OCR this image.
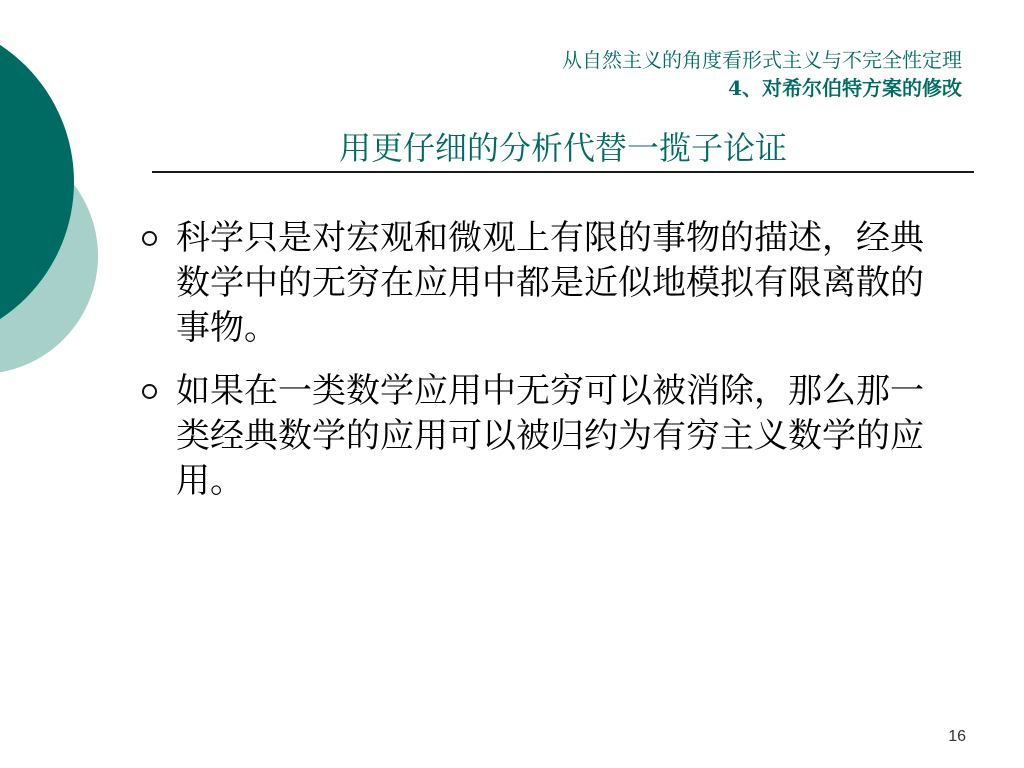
从自然主义的角度看形式主义与不完全性定理
4、对希尔伯特方案的修改
用更仔细的分析代替一揽子论证
科学只是对宏观和微观上有限的事物的描述，经典数学中的无穷在应用中都是近似地模拟有限离散的事物。
如果在一类数学应用中无穷可以被消除，那么那一类经典数学的应用可以被归约为有穷主义数学的应用。
16
